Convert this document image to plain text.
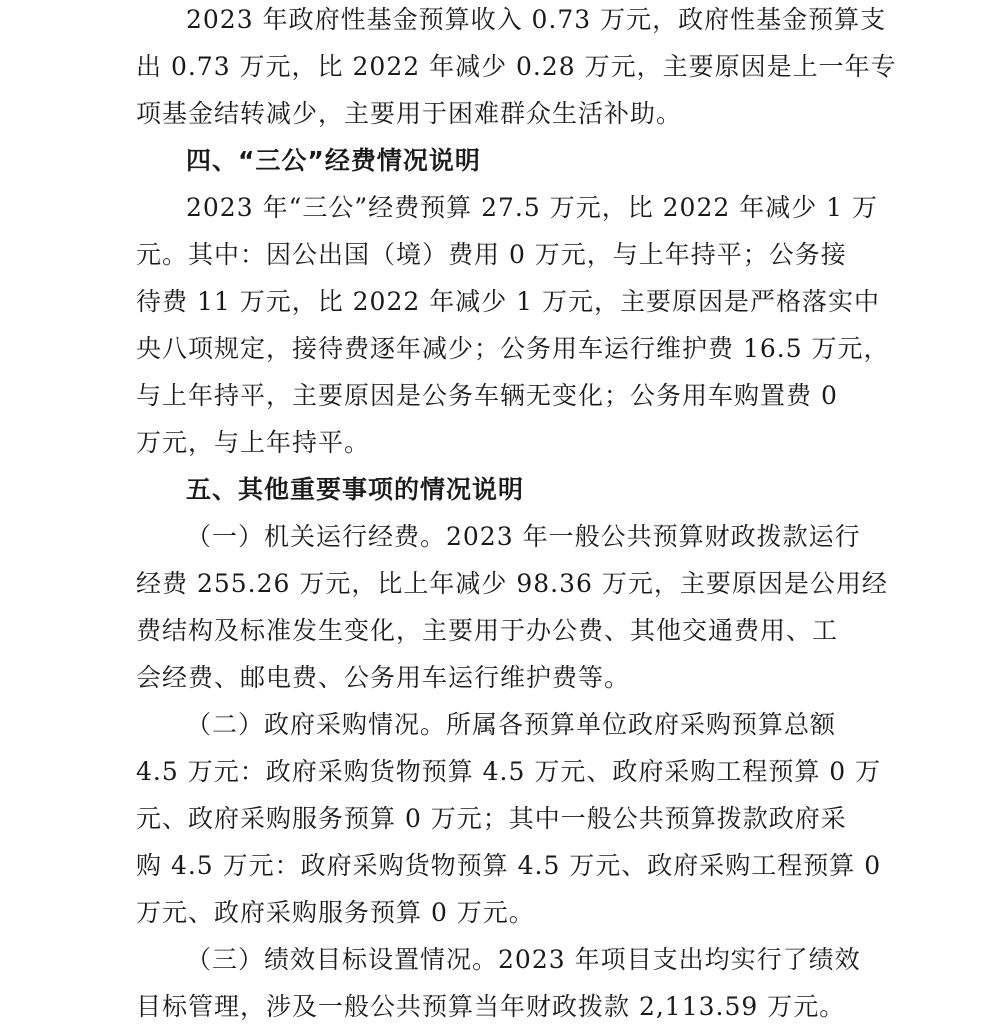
2023 年政府性基金预算收入 0.73 万元，政府性基金预算支
出 0.73 万元，比 2022 年减少 0.28 万元，主要原因是上一年专
项基金结转减少，主要用于困难群众生活补助。
四、“三公”经费情况说明
2023 年“三公”经费预算 27.5 万元，比 2022 年减少 1 万
元。其中：因公出国（境）费用 0 万元，与上年持平；公务接
待费 11 万元，比 2022 年减少 1 万元，主要原因是严格落实中
央八项规定，接待费逐年减少；公务用车运行维护费 16.5 万元，
与上年持平，主要原因是公务车辆无变化；公务用车购置费 0
万元，与上年持平。
五、其他重要事项的情况说明
（一）机关运行经费。2023 年一般公共预算财政拨款运行
经费 255.26 万元，比上年减少 98.36 万元，主要原因是公用经
费结构及标准发生变化，主要用于办公费、其他交通费用、工
会经费、邮电费、公务用车运行维护费等。
（二）政府采购情况。所属各预算单位政府采购预算总额
4.5 万元：政府采购货物预算 4.5 万元、政府采购工程预算 0 万
元、政府采购服务预算 0 万元；其中一般公共预算拨款政府采
购 4.5 万元：政府采购货物预算 4.5 万元、政府采购工程预算 0
万元、政府采购服务预算 0 万元。
（三）绩效目标设置情况。2023 年项目支出均实行了绩效
目标管理，涉及一般公共预算当年财政拨款 2,113.59 万元。
